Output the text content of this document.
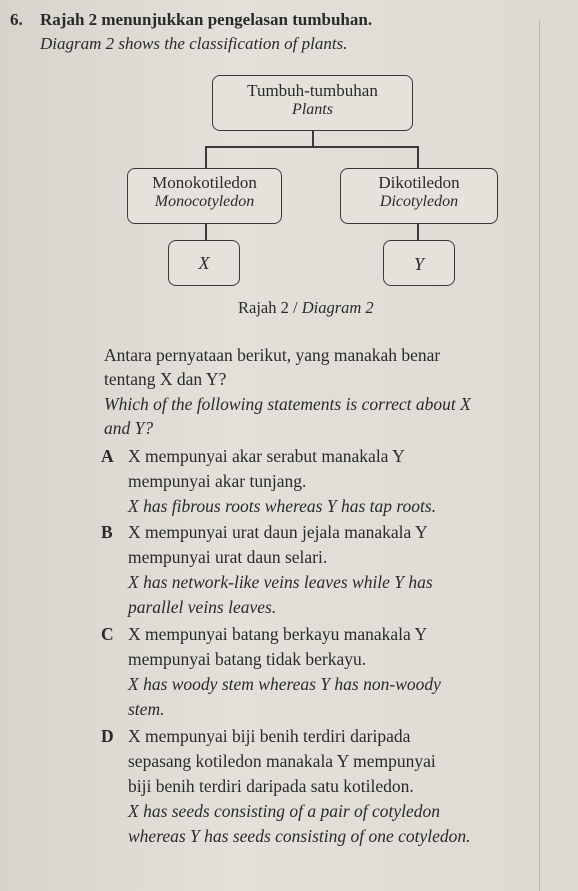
6. Rajah 2 menunjukkan pengelasan tumbuhan.
Diagram 2 shows the classification of plants.
Tumbuh-tumbuhan
Plants
Monokotiledon
Monocotyledon
Dikotiledon
Dicotyledon
X	Y
Rajah 2 / Diagram 2
Antara pernyataan berikut, yang manakah benar
tentang X dan Y?
Which of the following statements is correct about X
and Y?
A X mempunyai akar serabut manakala Y
mempunyai akar tunjang.
X has fibrous roots whereas Y has tap roots.
B X mempunyai urat daun jejala manakala Y
mempunyai urat daun selari.
X has network-like veins leaves while Y has
parallel veins leaves.
C X mempunyai batang berkayu manakala Y
mempunyai batang tidak berkayu.
X has woody stem whereas Y has non-woody
stem.
D X mempunyai biji benih terdiri daripada
sepasang kotiledon manakala Y mempunyai
biji benih terdiri daripada satu kotiledon.
X has seeds consisting of a pair of cotyledon
whereas Y has seeds consisting of one cotyledon.
